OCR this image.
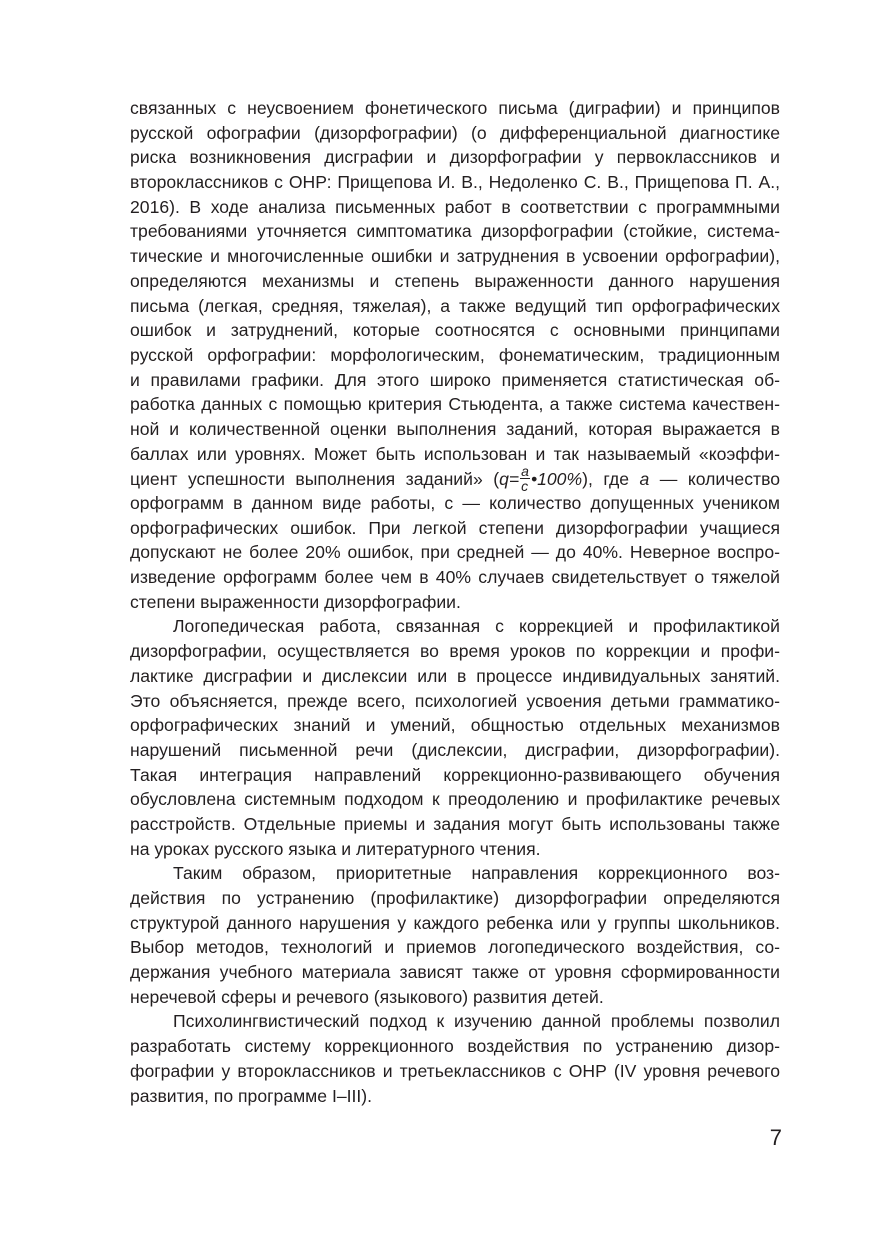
связанных с неусвоением фонетического письма (диграфии) и принципов
русской офографии (дизорфографии) (о дифференциальной диагностике
риска возникновения дисграфии и дизорфографии у первоклассников и
второклассников с ОНР: Прищепова И. В., Недоленко С. В., Прищепова П. А.,
2016). В ходе анализа письменных работ в соответствии с программными
требованиями уточняется симптоматика дизорфографии (стойкие, система-
тические и многочисленные ошибки и затруднения в усвоении орфографии),
определяются механизмы и степень выраженности данного нарушения
письма (легкая, средняя, тяжелая), а также ведущий тип орфографических
ошибок и затруднений, которые соотносятся с основными принципами
русской орфографии: морфологическим, фонематическим, традиционным
и правилами графики. Для этого широко применяется статистическая об-
работка данных с помощью критерия Стьюдента, а также система качествен-
ной и количественной оценки выполнения заданий, которая выражается в
баллах или уровнях. Может быть использован и так называемый «коэффи-
циент успешности выполнения заданий» ($q= \frac{a}{c}$ •100%), где a — количество
орфограмм в данном виде работы, с — количество допущенных учеником
орфографических ошибок. При легкой степени дизорфографии учащиеся
допускают не более 20% ошибок, при средней — до 40%. Неверное воспро-
изведение орфограмм более чем в 40% случаев свидетельствует о тяжелой
степени выраженности дизорфографии.
Логопедическая работа, связанная с коррекцией и профилактикой
дизорфографии, осуществляется во время уроков по коррекции и профи-
лактике дисграфии и дислексии или в процессе индивидуальных занятий.
Это объясняется, прежде всего, психологией усвоения детьми грамматико-
орфографических знаний и умений, общностью отдельных механизмов
нарушений письменной речи (дислексии, дисграфии, дизорфографии).
Такая интеграция направлений коррекционно-развивающего обучения
обусловлена системным подходом к преодолению и профилактике речевых
расстройств. Отдельные приемы и задания могут быть использованы также
на уроках русского языка и литературного чтения.
Таким образом, приоритетные направления коррекционного воз-
действия по устранению (профилактике) дизорфографии определяются
структурой данного нарушения у каждого ребенка или у группы школьников.
Выбор методов, технологий и приемов логопедического воздействия, со-
держания учебного материала зависят также от уровня сформированности
неречевой сферы и речевого (языкового) развития детей.
Психолингвистический подход к изучению данной проблемы позволил
разработать систему коррекционного воздействия по устранению дизор-
фографии у второклассников и третьеклассников с ОНР (IV уровня речевого
развития, по программе I–III).
7
